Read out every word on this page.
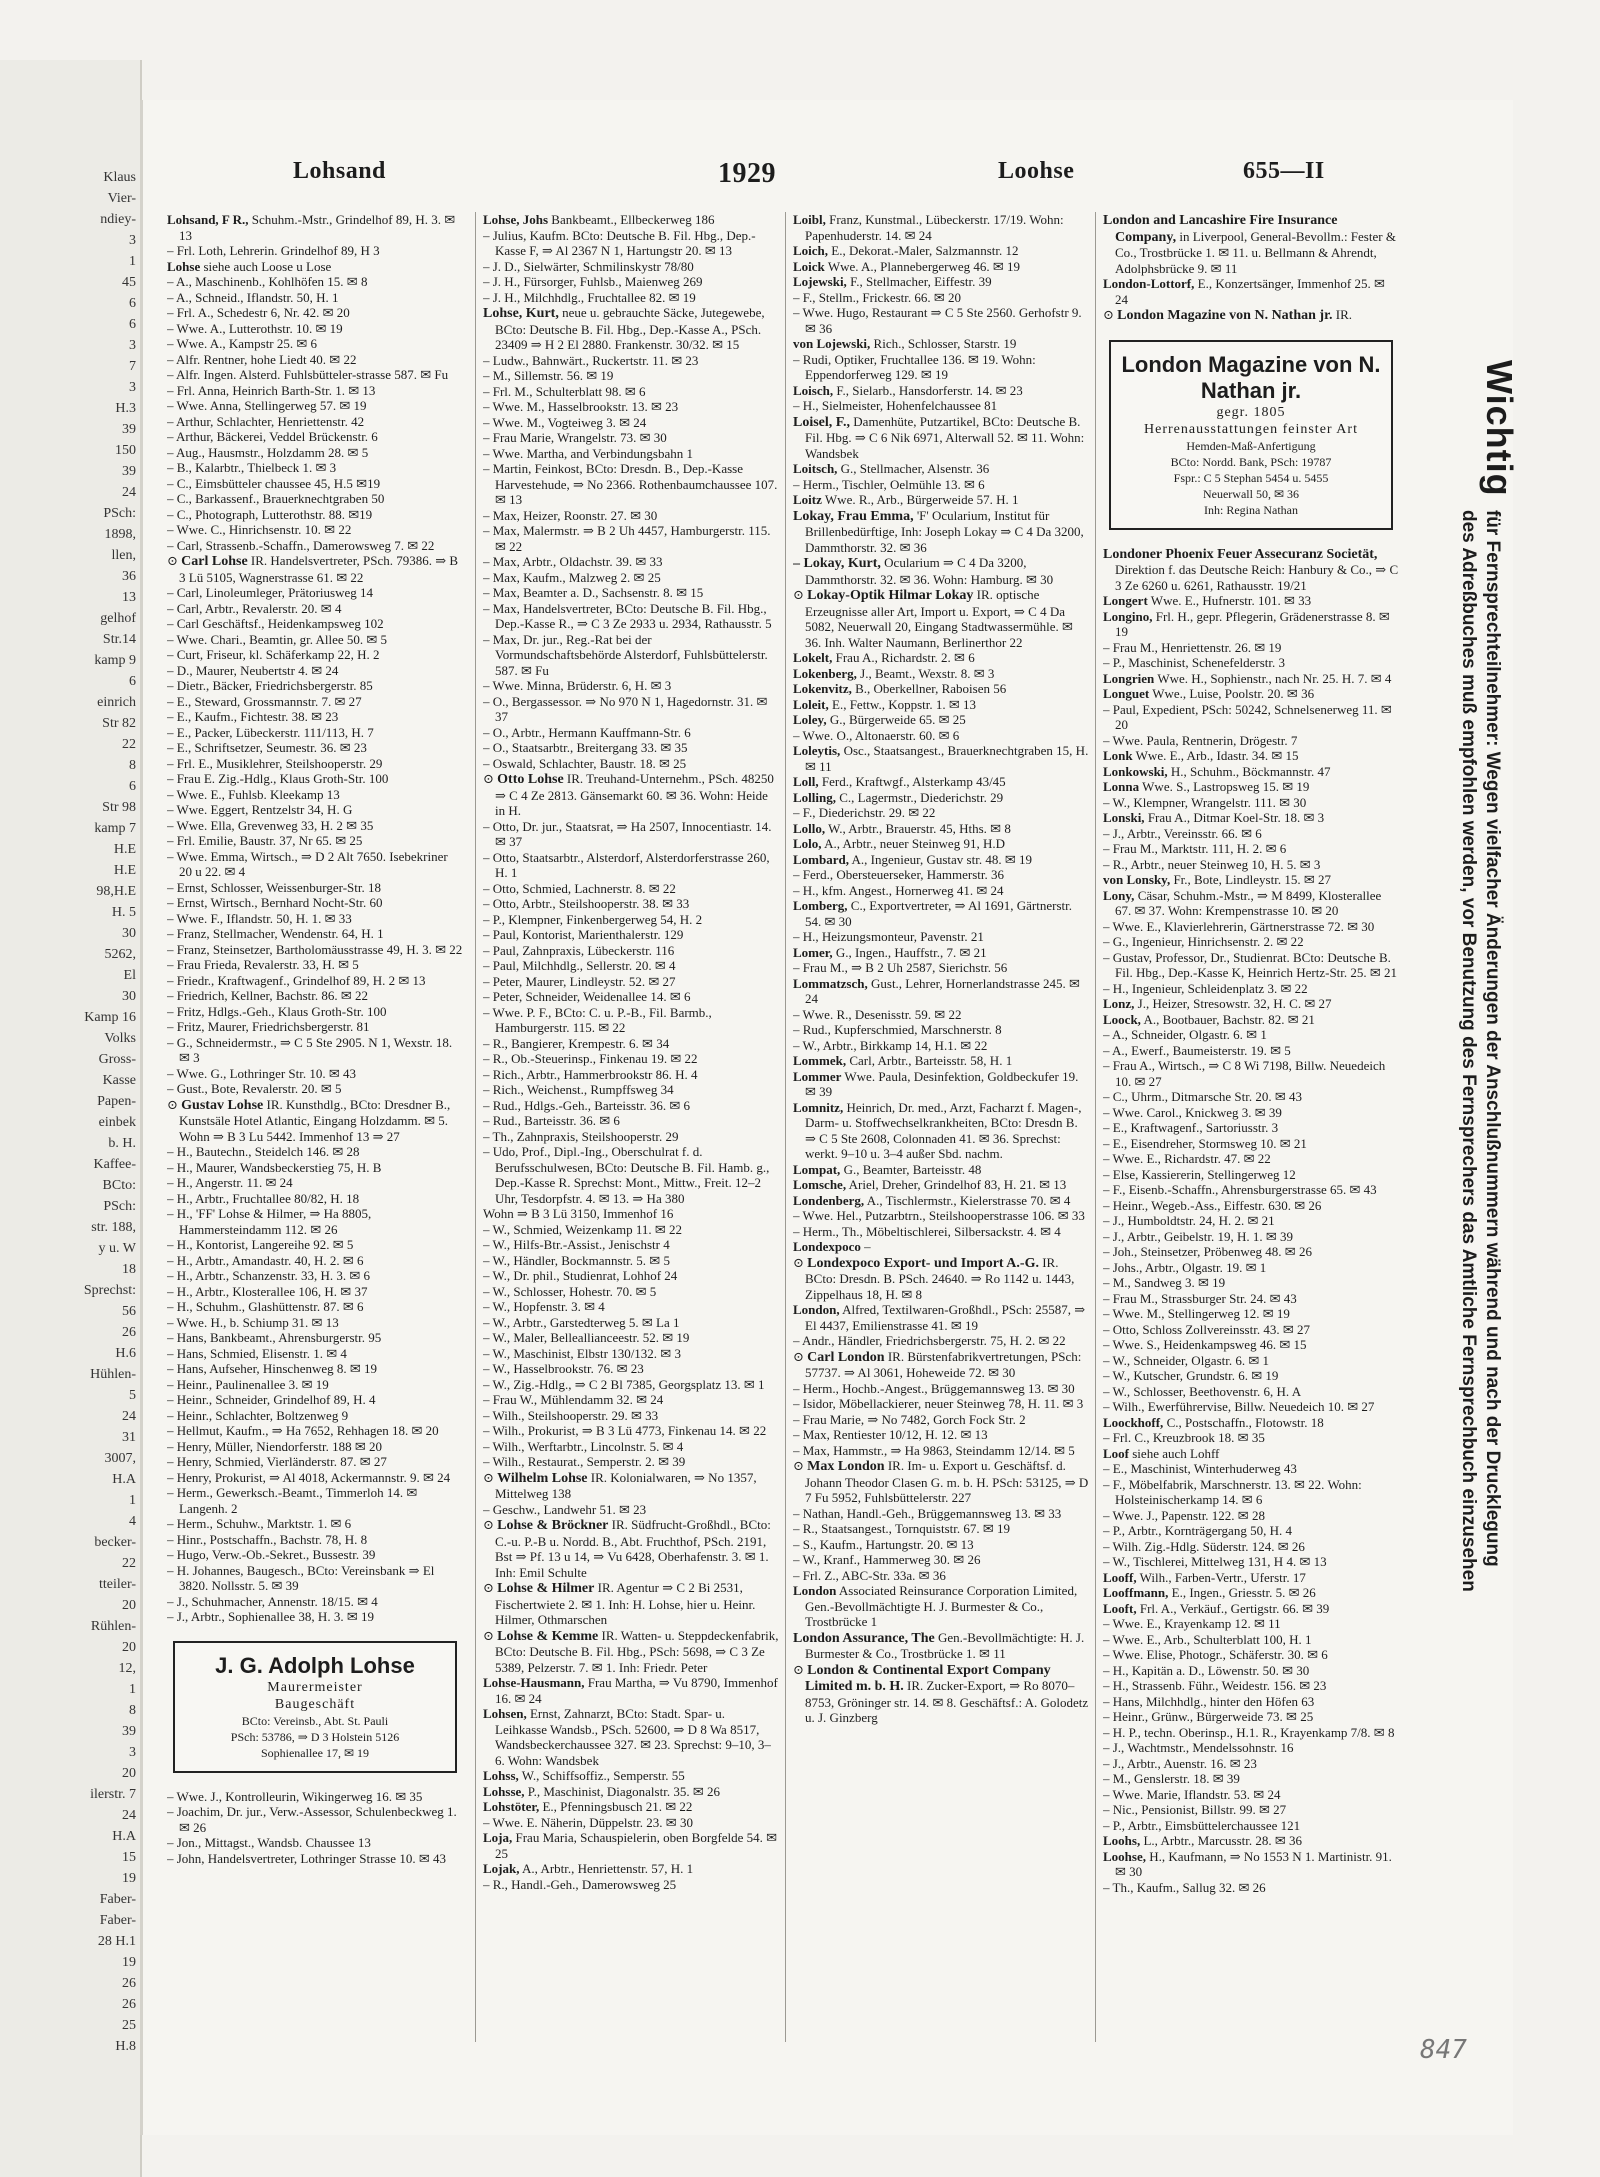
Klaus
Vier-
ndiey-
3
1
45
6
6
3
7
3
H.3
39
150
39
24
PSch:
1898,
llen,
36
13
gelhof
Str.14
kamp 9
6
einrich
Str 82
22
8
6
Str 98
kamp 7
H.E
H.E
98,H.E
H. 5
30
5262,
El
30
Kamp 16
Volks
Gross-
Kasse
Papen-
einbek
b. H.
Kaffee-
BCto:
PSch:
str. 188,
y u. W
18
Sprechst:
56
26
H.6
Hühlen-
5
24
31
3007,
H.A
1
4
becker-
22
tteiler-
20
Rühlen-
20
12,
1
8
39
3
20
ilerstr. 7
24
H.A
15
19
Faber-
Faber-
28 H.1
19
26
26
25
H.8
Lohsand	1929	Loohse	655—II

Lohsand, F R., Schuhm.-Mstr., Grindelhof 89, H. 3. ✉ 13

– Frl. Loth, Lehrerin. Grindelhof 89, H 3

Lohse siehe auch Loose u Lose

– A., Maschinenb., Kohlhöfen 15. ✉ 8

– A., Schneid., Iflandstr. 50, H. 1

– Frl. A., Schedestr 6, Nr. 42. ✉ 20

– Wwe. A., Lutterothstr. 10. ✉ 19

– Wwe. A., Kampstr 25. ✉ 6

– Alfr. Rentner, hohe Liedt 40. ✉ 22

– Alfr. Ingen. Alsterd. Fuhlsbütteler-strasse 587. ✉ Fu

– Frl. Anna, Heinrich Barth-Str. 1. ✉ 13

– Wwe. Anna, Stellingerweg 57. ✉ 19

– Arthur, Schlachter, Henriettenstr. 42

– Arthur, Bäckerei, Veddel Brückenstr. 6

– Aug., Hausmstr., Holzdamm 28. ✉ 5

– B., Kalarbtr., Thielbeck 1. ✉ 3

– C., Eimsbütteler chaussee 45, H.5 ✉19

– C., Barkassenf., Brauerknechtgraben 50

– C., Photograph, Lutterothstr. 88. ✉19

– Wwe. C., Hinrichsenstr. 10. ✉ 22

– Carl, Strassenb.-Schaffn., Damerowsweg 7. ✉ 22

⊙ Carl Lohse IR. Handelsvertreter, PSch. 79386. ⇒ B 3 Lü 5105, Wagnerstrasse 61. ✉ 22

– Carl, Linoleumleger, Prätoriusweg 14

– Carl, Arbtr., Revalerstr. 20. ✉ 4

– Carl Geschäftsf., Heidenkampsweg 102

– Wwe. Chari., Beamtin, gr. Allee 50. ✉ 5

– Curt, Friseur, kl. Schäferkamp 22, H. 2

– D., Maurer, Neubertstr 4. ✉ 24

– Dietr., Bäcker, Friedrichsbergerstr. 85

– E., Steward, Grossmannstr. 7. ✉ 27

– E., Kaufm., Fichtestr. 38. ✉ 23

– E., Packer, Lübeckerstr. 111/113, H. 7

– E., Schriftsetzer, Seumestr. 36. ✉ 23

– Frl. E., Musiklehrer, Steilshooperstr. 29

– Frau E. Zig.-Hdlg., Klaus Groth-Str. 100

– Wwe. E., Fuhlsb. Kleekamp 13

– Wwe. Eggert, Rentzelstr 34, H. G

– Wwe. Ella, Grevenweg 33, H. 2 ✉ 35

– Frl. Emilie, Baustr. 37, Nr 65. ✉ 25

– Wwe. Emma, Wirtsch., ⇒ D 2 Alt 7650. Isebekriner 20 u 22. ✉ 4

– Ernst, Schlosser, Weissenburger-Str. 18

– Ernst, Wirtsch., Bernhard Nocht-Str. 60

– Wwe. F., Iflandstr. 50, H. 1. ✉ 33

– Franz, Stellmacher, Wendenstr. 64, H. 1

– Franz, Steinsetzer, Bartholomäusstrasse 49, H. 3. ✉ 22

– Frau Frieda, Revalerstr. 33, H. ✉ 5

– Friedr., Kraftwagenf., Grindelhof 89, H. 2 ✉ 13

– Friedrich, Kellner, Bachstr. 86. ✉ 22

– Fritz, Hdlgs.-Geh., Klaus Groth-Str. 100

– Fritz, Maurer, Friedrichsbergerstr. 81

– G., Schneidermstr., ⇒ C 5 Ste 2905. N 1, Wexstr. 18. ✉ 3

– Wwe. G., Lothringer Str. 10. ✉ 43

– Gust., Bote, Revalerstr. 20. ✉ 5

⊙ Gustav Lohse IR. Kunsthdlg., BCto: Dresdner B., Kunstsäle Hotel Atlantic, Eingang Holzdamm. ✉ 5. Wohn ⇒ B 3 Lu 5442. Immenhof 13 ⇒ 27

– H., Bautechn., Steidelch 146. ✉ 28

– H., Maurer, Wandsbeckerstieg 75, H. B

– H., Angerstr. 11. ✉ 24

– H., Arbtr., Fruchtallee 80/82, H. 18

– H., 'FF' Lohse & Hilmer, ⇒ Ha 8805, Hammersteindamm 112. ✉ 26

– H., Kontorist, Langereihe 92. ✉ 5

– H., Arbtr., Amandastr. 40, H. 2. ✉ 6

– H., Arbtr., Schanzenstr. 33, H. 3. ✉ 6

– H., Arbtr., Klosterallee 106, H. ✉ 37

– H., Schuhm., Glashüttenstr. 87. ✉ 6

– Wwe. H., b. Schiump 31. ✉ 13

– Hans, Bankbeamt., Ahrensburgerstr. 95

– Hans, Schmied, Elisenstr. 1. ✉ 4

– Hans, Aufseher, Hinschenweg 8. ✉ 19

– Heinr., Paulinenallee 3. ✉ 19

– Heinr., Schneider, Grindelhof 89, H. 4

– Heinr., Schlachter, Boltzenweg 9

– Hellmut, Kaufm., ⇒ Ha 7652, Rehhagen 18. ✉ 20

– Henry, Müller, Niendorferstr. 188 ✉ 20

– Henry, Schmied, Vierländerstr. 87. ✉ 27

– Henry, Prokurist, ⇒ Al 4018, Ackermannstr. 9. ✉ 24

– Herm., Gewerksch.-Beamt., Timmerloh 14. ✉ Langenh. 2

– Herm., Schuhw., Marktstr. 1. ✉ 6

– Hinr., Postschaffn., Bachstr. 78, H. 8

– Hugo, Verw.-Ob.-Sekret., Bussestr. 39

– H. Johannes, Baugesch., BCto: Vereinsbank ⇒ El 3820. Nollsstr. 5. ✉ 39

– J., Schuhmacher, Annenstr. 18/15. ✉ 4

– J., Arbtr., Sophienallee 38, H. 3. ✉ 19

J. G. Adolph Lohse

Maurermeister

Baugeschäft

BCto: Vereinsb., Abt. St. Pauli

PSch: 53786, ⇒ D 3 Holstein 5126

Sophienallee 17, ✉ 19

– Wwe. J., Kontrolleurin, Wikingerweg 16. ✉ 35

– Joachim, Dr. jur., Verw.-Assessor, Schulenbeckweg 1. ✉ 26

– Jon., Mittagst., Wandsb. Chaussee 13

– John, Handelsvertreter, Lothringer Strasse 10. ✉ 43

Lohse, Johs Bankbeamt., Ellbeckerweg 186

– Julius, Kaufm. BCto: Deutsche B. Fil. Hbg., Dep.-Kasse F, ⇒ Al 2367 N 1, Hartungstr 20. ✉ 13

– J. D., Sielwärter, Schmilinskystr 78/80

– J. H., Fürsorger, Fuhlsb., Maienweg 269

– J. H., Milchhdlg., Fruchtallee 82. ✉ 19

Lohse, Kurt, neue u. gebrauchte Säcke, Jutegewebe, BCto: Deutsche B. Fil. Hbg., Dep.-Kasse A., PSch. 23409 ⇒ H 2 El 2880. Frankenstr. 30/32. ✉ 15

– Ludw., Bahnwärt., Ruckertstr. 11. ✉ 23

– M., Sillemstr. 56. ✉ 19

– Frl. M., Schulterblatt 98. ✉ 6

– Wwe. M., Hasselbrookstr. 13. ✉ 23

– Wwe. M., Vogteiweg 3. ✉ 24

– Frau Marie, Wrangelstr. 73. ✉ 30

– Wwe. Martha, and Verbindungsbahn 1

– Martin, Feinkost, BCto: Dresdn. B., Dep.-Kasse Harvestehude, ⇒ No 2366. Rothenbaumchaussee 107. ✉ 13

– Max, Heizer, Roonstr. 27. ✉ 30

– Max, Malermstr. ⇒ B 2 Uh 4457, Hamburgerstr. 115. ✉ 22

– Max, Arbtr., Oldachstr. 39. ✉ 33

– Max, Kaufm., Malzweg 2. ✉ 25

– Max, Beamter a. D., Sachsenstr. 8. ✉ 15

– Max, Handelsvertreter, BCto: Deutsche B. Fil. Hbg., Dep.-Kasse R., ⇒ C 3 Ze 2933 u. 2934, Rathausstr. 5

– Max, Dr. jur., Reg.-Rat bei der Vormundschaftsbehörde Alsterdorf, Fuhlsbüttelerstr. 587. ✉ Fu

– Wwe. Minna, Brüderstr. 6, H. ✉ 3

– O., Bergassessor. ⇒ No 970 N 1, Hagedornstr. 31. ✉ 37

– O., Arbtr., Hermann Kauffmann-Str. 6

– O., Staatsarbtr., Breitergang 33. ✉ 35

– Oswald, Schlachter, Baustr. 18. ✉ 25

⊙ Otto Lohse IR. Treuhand-Unternehm., PSch. 48250 ⇒ C 4 Ze 2813. Gänsemarkt 60. ✉ 36. Wohn: Heide in H.

– Otto, Dr. jur., Staatsrat, ⇒ Ha 2507, Innocentiastr. 14. ✉ 37

– Otto, Staatsarbtr., Alsterdorf, Alsterdorferstrasse 260, H. 1

– Otto, Schmied, Lachnerstr. 8. ✉ 22

– Otto, Arbtr., Steilshooperstr. 38. ✉ 33

– P., Klempner, Finkenbergerweg 54, H. 2

– Paul, Kontorist, Marienthalerstr. 129

– Paul, Zahnpraxis, Lübeckerstr. 116

– Paul, Milchhdlg., Sellerstr. 20. ✉ 4

– Peter, Maurer, Lindleystr. 52. ✉ 27

– Peter, Schneider, Weidenallee 14. ✉ 6

– Wwe. P. F., BCto: C. u. P.-B., Fil. Barmb., Hamburgerstr. 115. ✉ 22

– R., Bangierer, Krempestr. 6. ✉ 34

– R., Ob.-Steuerinsp., Finkenau 19. ✉ 22

– Rich., Arbtr., Hammerbrookstr 86. H. 4

– Rich., Weichenst., Rumpffsweg 34

– Rud., Hdlgs.-Geh., Barteisstr. 36. ✉ 6

– Rud., Barteisstr. 36. ✉ 6

– Th., Zahnpraxis, Steilshooperstr. 29

– Udo, Prof., Dipl.-Ing., Oberschulrat f. d. Berufsschulwesen, BCto: Deutsche B. Fil. Hamb. g., Dep.-Kasse R. Sprechst: Mont., Mittw., Freit. 12–2 Uhr, Tesdorpfstr. 4. ✉ 13. ⇒ Ha 380

Wohn ⇒ B 3 Lü 3150, Immenhof 16

– W., Schmied, Weizenkamp 11. ✉ 22

– W., Hilfs-Btr.-Assist., Jenischstr 4

– W., Händler, Bockmannstr. 5. ✉ 5

– W., Dr. phil., Studienrat, Lohhof 24

– W., Schlosser, Hohestr. 70. ✉ 5

– W., Hopfenstr. 3. ✉ 4

– W., Arbtr., Garstedterweg 5. ✉ La 1

– W., Maler, Belleallianceestr. 52. ✉ 19

– W., Maschinist, Elbstr 130/132. ✉ 3

– W., Hasselbrookstr. 76. ✉ 23

– W., Zig.-Hdlg., ⇒ C 2 Bl 7385, Georgsplatz 13. ✉ 1

– Frau W., Mühlendamm 32. ✉ 24

– Wilh., Steilshooperstr. 29. ✉ 33

– Wilh., Prokurist, ⇒ B 3 Lü 4773, Finkenau 14. ✉ 22

– Wilh., Werftarbtr., Lincolnstr. 5. ✉ 4

– Wilh., Restaurat., Semperstr. 2. ✉ 39

⊙ Wilhelm Lohse IR. Kolonialwaren, ⇒ No 1357, Mittelweg 138

– Geschw., Landwehr 51. ✉ 23

⊙ Lohse & Bröckner IR. Südfrucht-Großhdl., BCto: C.-u. P.-B u. Nordd. B., Abt. Fruchthof, PSch. 2191, Bst ⇒ Pf. 13 u 14, ⇒ Vu 6428, Oberhafenstr. 3. ✉ 1. Inh: Emil Schulte

⊙ Lohse & Hilmer IR. Agentur ⇒ C 2 Bi 2531, Fischertwiete 2. ✉ 1. Inh: H. Lohse, hier u. Heinr. Hilmer, Othmarschen

⊙ Lohse & Kemme IR. Watten- u. Steppdeckenfabrik, BCto: Deutsche B. Fil. Hbg., PSch: 5698, ⇒ C 3 Ze 5389, Pelzerstr. 7. ✉ 1. Inh: Friedr. Peter

Lohse-Hausmann, Frau Martha, ⇒ Vu 8790, Immenhof 16. ✉ 24

Lohsen, Ernst, Zahnarzt, BCto: Stadt. Spar- u. Leihkasse Wandsb., PSch. 52600, ⇒ D 8 Wa 8517, Wandsbeckerchaussee 327. ✉ 23. Sprechst: 9–10, 3–6. Wohn: Wandsbek

Lohss, W., Schiffsoffiz., Semperstr. 55

Lohsse, P., Maschinist, Diagonalstr. 35. ✉ 26

Lohstöter, E., Pfenningsbusch 21. ✉ 22

– Wwe. E. Näherin, Düppelstr. 23. ✉ 30

Loja, Frau Maria, Schauspielerin, oben Borgfelde 54. ✉ 25

Lojak, A., Arbtr., Henriettenstr. 57, H. 1

– R., Handl.-Geh., Damerowsweg 25

Loibl, Franz, Kunstmal., Lübeckerstr. 17/19. Wohn: Papenhuderstr. 14. ✉ 24

Loich, E., Dekorat.-Maler, Salzmannstr. 12

Loick Wwe. A., Plannebergerweg 46. ✉ 19

Lojewski, F., Stellmacher, Eiffestr. 39

– F., Stellm., Frickestr. 66. ✉ 20

– Wwe. Hugo, Restaurant ⇒ C 5 Ste 2560. Gerhofstr 9. ✉ 36

von Lojewski, Rich., Schlosser, Starstr. 19

– Rudi, Optiker, Fruchtallee 136. ✉ 19. Wohn: Eppendorferweg 129. ✉ 19

Loisch, F., Sielarb., Hansdorferstr. 14. ✉ 23

– H., Sielmeister, Hohenfelchaussee 81

Loisel, F., Damenhüte, Putzartikel, BCto: Deutsche B. Fil. Hbg. ⇒ C 6 Nik 6971, Alterwall 52. ✉ 11. Wohn: Wandsbek

Loitsch, G., Stellmacher, Alsenstr. 36

– Herm., Tischler, Oelmühle 13. ✉ 6

Loitz Wwe. R., Arb., Bürgerweide 57. H. 1

Lokay, Frau Emma, 'F' Ocularium, Institut für Brillenbedürftige, Inh: Joseph Lokay ⇒ C 4 Da 3200, Dammthorstr. 32. ✉ 36

– Lokay, Kurt, Ocularium ⇒ C 4 Da 3200, Dammthorstr. 32. ✉ 36. Wohn: Hamburg. ✉ 30

⊙ Lokay-Optik Hilmar Lokay IR. optische Erzeugnisse aller Art, Import u. Export, ⇒ C 4 Da 5082, Neuerwall 20, Eingang Stadtwassermühle. ✉ 36. Inh. Walter Naumann, Berlinerthor 22

Lokelt, Frau A., Richardstr. 2. ✉ 6

Lokenberg, J., Beamt., Wexstr. 8. ✉ 3

Lokenvitz, B., Oberkellner, Raboisen 56

Loleit, E., Fettw., Koppstr. 1. ✉ 13

Loley, G., Bürgerweide 65. ✉ 25

– Wwe. O., Altonaerstr. 60. ✉ 6

Loleytis, Osc., Staatsangest., Brauerknechtgraben 15, H. ✉ 11

Loll, Ferd., Kraftwgf., Alsterkamp 43/45

Lolling, C., Lagermstr., Diederichstr. 29

– F., Diederichstr. 29. ✉ 22

Lollo, W., Arbtr., Brauerstr. 45, Hths. ✉ 8

Lolo, A., Arbtr., neuer Steinweg 91, H.D

Lombard, A., Ingenieur, Gustav str. 48. ✉ 19

– Ferd., Obersteuerseker, Hammerstr. 36

– H., kfm. Angest., Hornerweg 41. ✉ 24

Lomberg, C., Exportvertreter, ⇒ Al 1691, Gärtnerstr. 54. ✉ 30

– H., Heizungsmonteur, Pavenstr. 21

Lomer, G., Ingen., Hauffstr., 7. ✉ 21

– Frau M., ⇒ B 2 Uh 2587, Sierichstr. 56

Lommatzsch, Gust., Lehrer, Hornerlandstrasse 245. ✉ 24

– Wwe. R., Desenisstr. 59. ✉ 22

– Rud., Kupferschmied, Marschnerstr. 8

– W., Arbtr., Birkkamp 14, H.1. ✉ 22

Lommek, Carl, Arbtr., Barteisstr. 58, H. 1

Lommer Wwe. Paula, Desinfektion, Goldbeckufer 19. ✉ 39

Lomnitz, Heinrich, Dr. med., Arzt, Facharzt f. Magen-, Darm- u. Stoffwechselkrankheiten, BCto: Dresdn B. ⇒ C 5 Ste 2608, Colonnaden 41. ✉ 36. Sprechst: werkt. 9–10 u. 3–4 außer Sbd. nachm.

Lompat, G., Beamter, Barteisstr. 48

Lomsche, Ariel, Dreher, Grindelhof 83, H. 21. ✉ 13

Londenberg, A., Tischlermstr., Kielerstrasse 70. ✉ 4

– Wwe. Hel., Putzarbtrn., Steilshooperstrasse 106. ✉ 33

– Herm., Th., Möbeltischlerei, Silbersackstr. 4. ✉ 4

Londexpoco –

⊙ Londexpoco Export- und Import A.-G. IR. BCto: Dresdn. B. PSch. 24640. ⇒ Ro 1142 u. 1443, Zippelhaus 18, H. ✉ 8

London, Alfred, Textilwaren-Großhdl., PSch: 25587, ⇒ El 4437, Emilienstrasse 41. ✉ 19

– Andr., Händler, Friedrichsbergerstr. 75, H. 2. ✉ 22

⊙ Carl London IR. Bürstenfabrikvertretungen, PSch: 57737. ⇒ Al 3061, Hoheweide 72. ✉ 30

– Herm., Hochb.-Angest., Brüggemannsweg 13. ✉ 30

– Isidor, Möbellackierer, neuer Steinweg 78, H. 11. ✉ 3

– Frau Marie, ⇒ No 7482, Gorch Fock Str. 2

– Max, Rentiester 10/12, H. 12. ✉ 13

– Max, Hammstr., ⇒ Ha 9863, Steindamm 12/14. ✉ 5

⊙ Max London IR. Im- u. Export u. Geschäftsf. d. Johann Theodor Clasen G. m. b. H. PSch: 53125, ⇒ D 7 Fu 5952, Fuhlsbüttelerstr. 227

– Nathan, Handl.-Geh., Brüggemannsweg 13. ✉ 33

– R., Staatsangest., Tornquiststr. 67. ✉ 19

– S., Kaufm., Hartungstr. 20. ✉ 13

– W., Kranf., Hammerweg 30. ✉ 26

– Frl. Z., ABC-Str. 33a. ✉ 36

London Associated Reinsurance Corporation Limited, Gen.-Bevollmächtigte H. J. Burmester & Co., Trostbrücke 1

London Assurance, The Gen.-Bevollmächtigte: H. J. Burmester & Co., Trostbrücke 1. ✉ 11

⊙ London & Continental Export Company Limited m. b. H. IR. Zucker-Export, ⇒ Ro 8070–8753, Gröninger str. 14. ✉ 8. Geschäftsf.: A. Golodetz u. J. Ginzberg

London and Lancashire Fire Insurance Company, in Liverpool, General-Bevollm.: Fester & Co., Trostbrücke 1. ✉ 11. u. Bellmann & Ahrendt, Adolphsbrücke 9. ✉ 11

London-Lottorf, E., Konzertsänger, Immenhof 25. ✉ 24

⊙ London Magazine von N. Nathan jr. IR.

London Magazine von N. Nathan jr.

gegr. 1805

Herrenausstattungen feinster Art

Hemden-Maß-Anfertigung

BCto: Nordd. Bank, PSch: 19787

Fspr.: C 5 Stephan 5454 u. 5455

Neuerwall 50, ✉ 36

Inh: Regina Nathan

Londoner Phoenix Feuer Assecuranz Societät, Direktion f. das Deutsche Reich: Hanbury & Co., ⇒ C 3 Ze 6260 u. 6261, Rathausstr. 19/21

Longert Wwe. E., Hufnerstr. 101. ✉ 33

Longino, Frl. H., gepr. Pflegerin, Grädenerstrasse 8. ✉ 19

– Frau M., Henriettenstr. 26. ✉ 19

– P., Maschinist, Schenefelderstr. 3

Longrien Wwe. H., Sophienstr., nach Nr. 25. H. 7. ✉ 4

Longuet Wwe., Luise, Poolstr. 20. ✉ 36

– Paul, Expedient, PSch: 50242, Schnelsenerweg 11. ✉ 20

– Wwe. Paula, Rentnerin, Drögestr. 7

Lonk Wwe. E., Arb., Idastr. 34. ✉ 15

Lonkowski, H., Schuhm., Böckmannstr. 47

Lonna Wwe. S., Lastropsweg 15. ✉ 19

– W., Klempner, Wrangelstr. 111. ✉ 30

Lonski, Frau A., Ditmar Koel-Str. 18. ✉ 3

– J., Arbtr., Vereinsstr. 66. ✉ 6

– Frau M., Marktstr. 111, H. 2. ✉ 6

– R., Arbtr., neuer Steinweg 10, H. 5. ✉ 3

von Lonsky, Fr., Bote, Lindleystr. 15. ✉ 27

Lony, Cäsar, Schuhm.-Mstr., ⇒ M 8499, Klosterallee 67. ✉ 37. Wohn: Krempenstrasse 10. ✉ 20

– Wwe. E., Klavierlehrerin, Gärtnerstrasse 72. ✉ 30

– G., Ingenieur, Hinrichsenstr. 2. ✉ 22

– Gustav, Professor, Dr., Studienrat. BCto: Deutsche B. Fil. Hbg., Dep.-Kasse K, Heinrich Hertz-Str. 25. ✉ 21

– H., Ingenieur, Schleidenplatz 3. ✉ 22

Lonz, J., Heizer, Stresowstr. 32, H. C. ✉ 27

Loock, A., Bootbauer, Bachstr. 82. ✉ 21

– A., Schneider, Olgastr. 6. ✉ 1

– A., Ewerf., Baumeisterstr. 19. ✉ 5

– Frau A., Wirtsch., ⇒ C 8 Wi 7198, Billw. Neuedeich 10. ✉ 27

– C., Uhrm., Ditmarsche Str. 20. ✉ 43

– Wwe. Carol., Knickweg 3. ✉ 39

– E., Kraftwagenf., Sartoriusstr. 3

– E., Eisendreher, Stormsweg 10. ✉ 21

– Wwe. E., Richardstr. 47. ✉ 22

– Else, Kassiererin, Stellingerweg 12

– F., Eisenb.-Schaffn., Ahrensburgerstrasse 65. ✉ 43

– Heinr., Wegeb.-Ass., Eiffestr. 630. ✉ 26

– J., Humboldtstr. 24, H. 2. ✉ 21

– J., Arbtr., Geibelstr. 19, H. 1. ✉ 39

– Joh., Steinsetzer, Pröbenweg 48. ✉ 26

– Johs., Arbtr., Olgastr. 19. ✉ 1

– M., Sandweg 3. ✉ 19

– Frau M., Strassburger Str. 24. ✉ 43

– Wwe. M., Stellingerweg 12. ✉ 19

– Otto, Schloss Zollvereinsstr. 43. ✉ 27

– Wwe. S., Heidenkampsweg 46. ✉ 15

– W., Schneider, Olgastr. 6. ✉ 1

– W., Kutscher, Grundstr. 6. ✉ 19

– W., Schlosser, Beethovenstr. 6, H. A

– Wilh., Ewerführervise, Billw. Neuedeich 10. ✉ 27

Loockhoff, C., Postschaffn., Flotowstr. 18

– Frl. C., Kreuzbrook 18. ✉ 35

Loof siehe auch Lohff

– E., Maschinist, Winterhuderweg 43

– F., Möbelfabrik, Marschnerstr. 13. ✉ 22. Wohn: Holsteinischerkamp 14. ✉ 6

– Wwe. J., Papenstr. 122. ✉ 28

– P., Arbtr., Kornträgergang 50, H. 4

– Wilh. Zig.-Hdlg. Süderstr. 124. ✉ 26

– W., Tischlerei, Mittelweg 131, H 4. ✉ 13

Looff, Wilh., Farben-Vertr., Uferstr. 17

Looffmann, E., Ingen., Griesstr. 5. ✉ 26

Looft, Frl. A., Verkäuf., Gertigstr. 66. ✉ 39

– Wwe. E., Krayenkamp 12. ✉ 11

– Wwe. E., Arb., Schulterblatt 100, H. 1

– Wwe. Elise, Photogr., Schäferstr. 30. ✉ 6

– H., Kapitän a. D., Löwenstr. 50. ✉ 30

– H., Strassenb. Führ., Weidestr. 156. ✉ 23

– Hans, Milchhdlg., hinter den Höfen 63

– Heinr., Grünw., Bürgerweide 73. ✉ 25

– H. P., techn. Oberinsp., H.1. R., Krayenkamp 7/8. ✉ 8

– J., Wachtmstr., Mendelssohnstr. 16

– J., Arbtr., Auenstr. 16. ✉ 23

– M., Genslerstr. 18. ✉ 39

– Wwe. Marie, Iflandstr. 53. ✉ 24

– Nic., Pensionist, Billstr. 99. ✉ 27

– P., Arbtr., Eimsbüttelerchaussee 121

Loohs, L., Arbtr., Marcusstr. 28. ✉ 36

Loohse, H., Kaufmann, ⇒ No 1553 N 1. Martinistr. 91. ✉ 30

– Th., Kaufm., Sallug 32. ✉ 26

Wichtig für Fernsprechteilnehmer: Wegen vielfacher Änderungen der Anschlußnummern während und nach der Drucklegung
des Adreßbuches muß empfohlen werden, vor Benutzung des Fernsprechers das Amtliche Fernsprechbuch einzusehen
847
